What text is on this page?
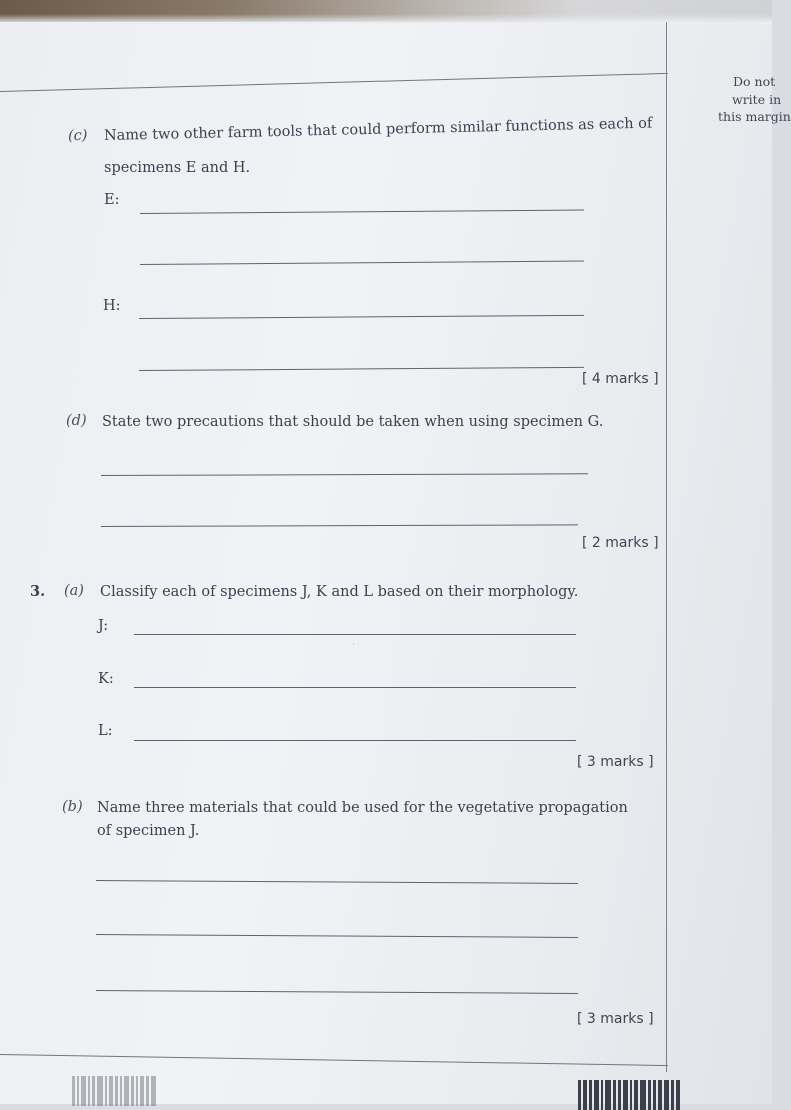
Do not
write in
this margin
(c) Name two other farm tools that could perform similar functions as each of
specimens E and H.
E:
H:
[ 4 marks ]
(d) State two precautions that should be taken when using specimen G.
[ 2 marks ]
3. (a) Classify each of specimens J, K and L based on their morphology.
J:
K:
L:
[ 3 marks ]
(b) Name three materials that could be used for the vegetative propagation
of specimen J.
[ 3 marks ]
·
